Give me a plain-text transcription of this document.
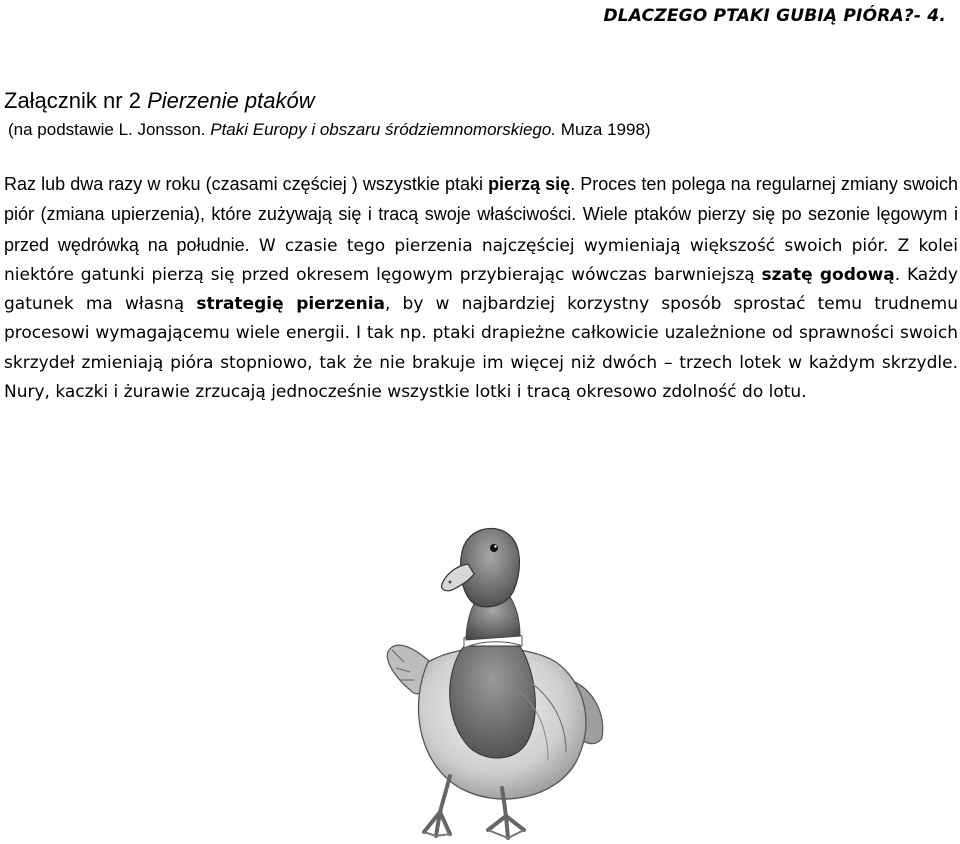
DLACZEGO PTAKI GUBIĄ PIÓRA?- 4.
Załącznik nr 2 Pierzenie ptaków
(na podstawie L. Jonsson. Ptaki Europy i obszaru śródziemnomorskiego. Muza 1998)
Raz lub dwa razy w roku (czasami częściej ) wszystkie ptaki pierzą się. Proces ten polega na regularnej zmiany swoich piór (zmiana upierzenia), które zużywają się i tracą swoje właściwości. Wiele ptaków pierzy się po sezonie lęgowym i przed wędrówką na południe. W czasie tego pierzenia najczęściej wymieniają większość swoich piór. Z kolei niektóre gatunki pierzą się przed okresem lęgowym przybierając wówczas barwniejszą szatę godową. Każdy gatunek ma własną strategię pierzenia, by w najbardziej korzystny sposób sprostać temu trudnemu procesowi wymagającemu wiele energii. I tak np. ptaki drapieżne całkowicie uzależnione od sprawności swoich skrzydeł zmieniają pióra stopniowo, tak że nie brakuje im więcej niż dwóch – trzech lotek w każdym skrzydle. Nury, kaczki i żurawie zrzucają jednocześnie wszystkie lotki i tracą okresowo zdolność do lotu.
